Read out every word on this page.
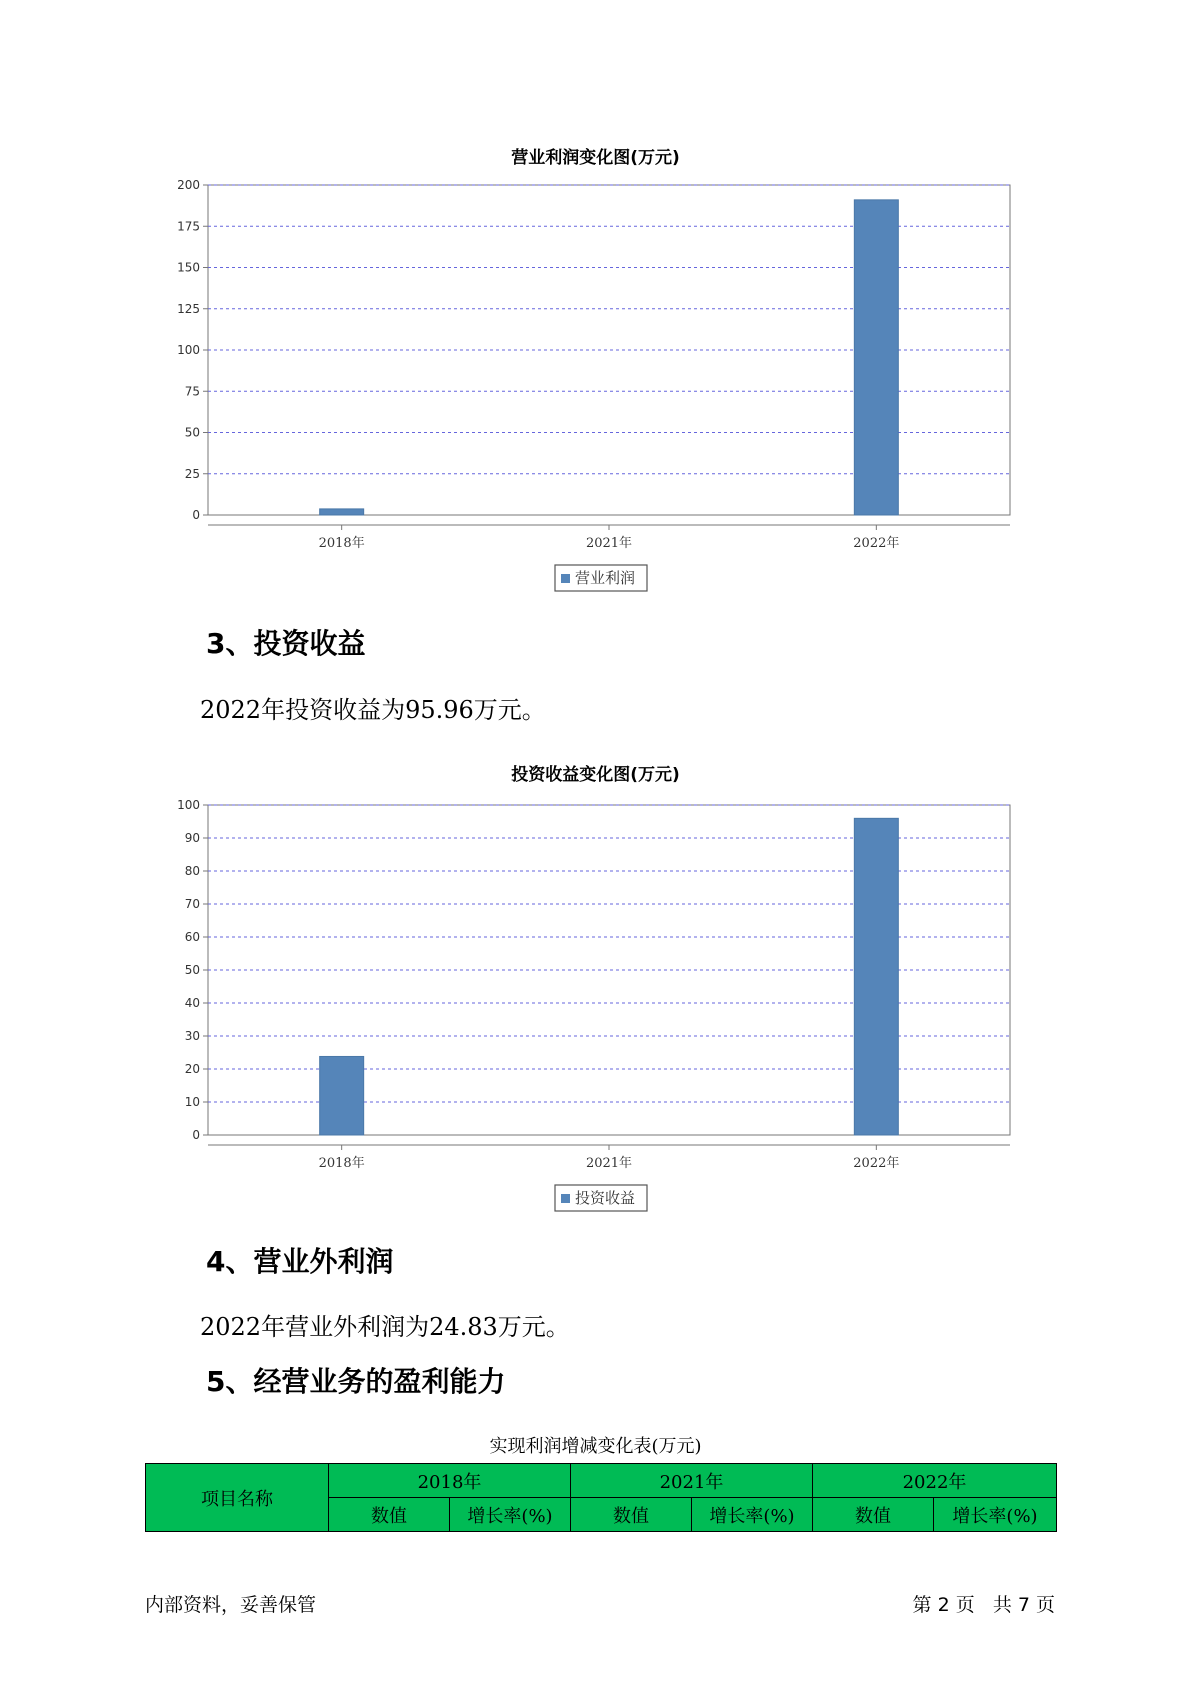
营业利润变化图(万元)
0
25
50
75
100
125
150
175
200
2018年	2021年	2022年
营业利润
3、投资收益
2022年投资收益为95.96万元。
投资收益变化图(万元)
0
10
20
30
40
50
60
70
80
90
100
2018年	2021年	2022年
投资收益
4、营业外利润
2022年营业外利润为24.83万元。
5、经营业务的盈利能力
实现利润增减变化表(万元)
项目名称	2018年		2021年		2022年	
	数值	增长率(%)	数值	增长率(%)	数值	增长率(%)
内部资料，妥善保管	第 2 页   共 7 页
